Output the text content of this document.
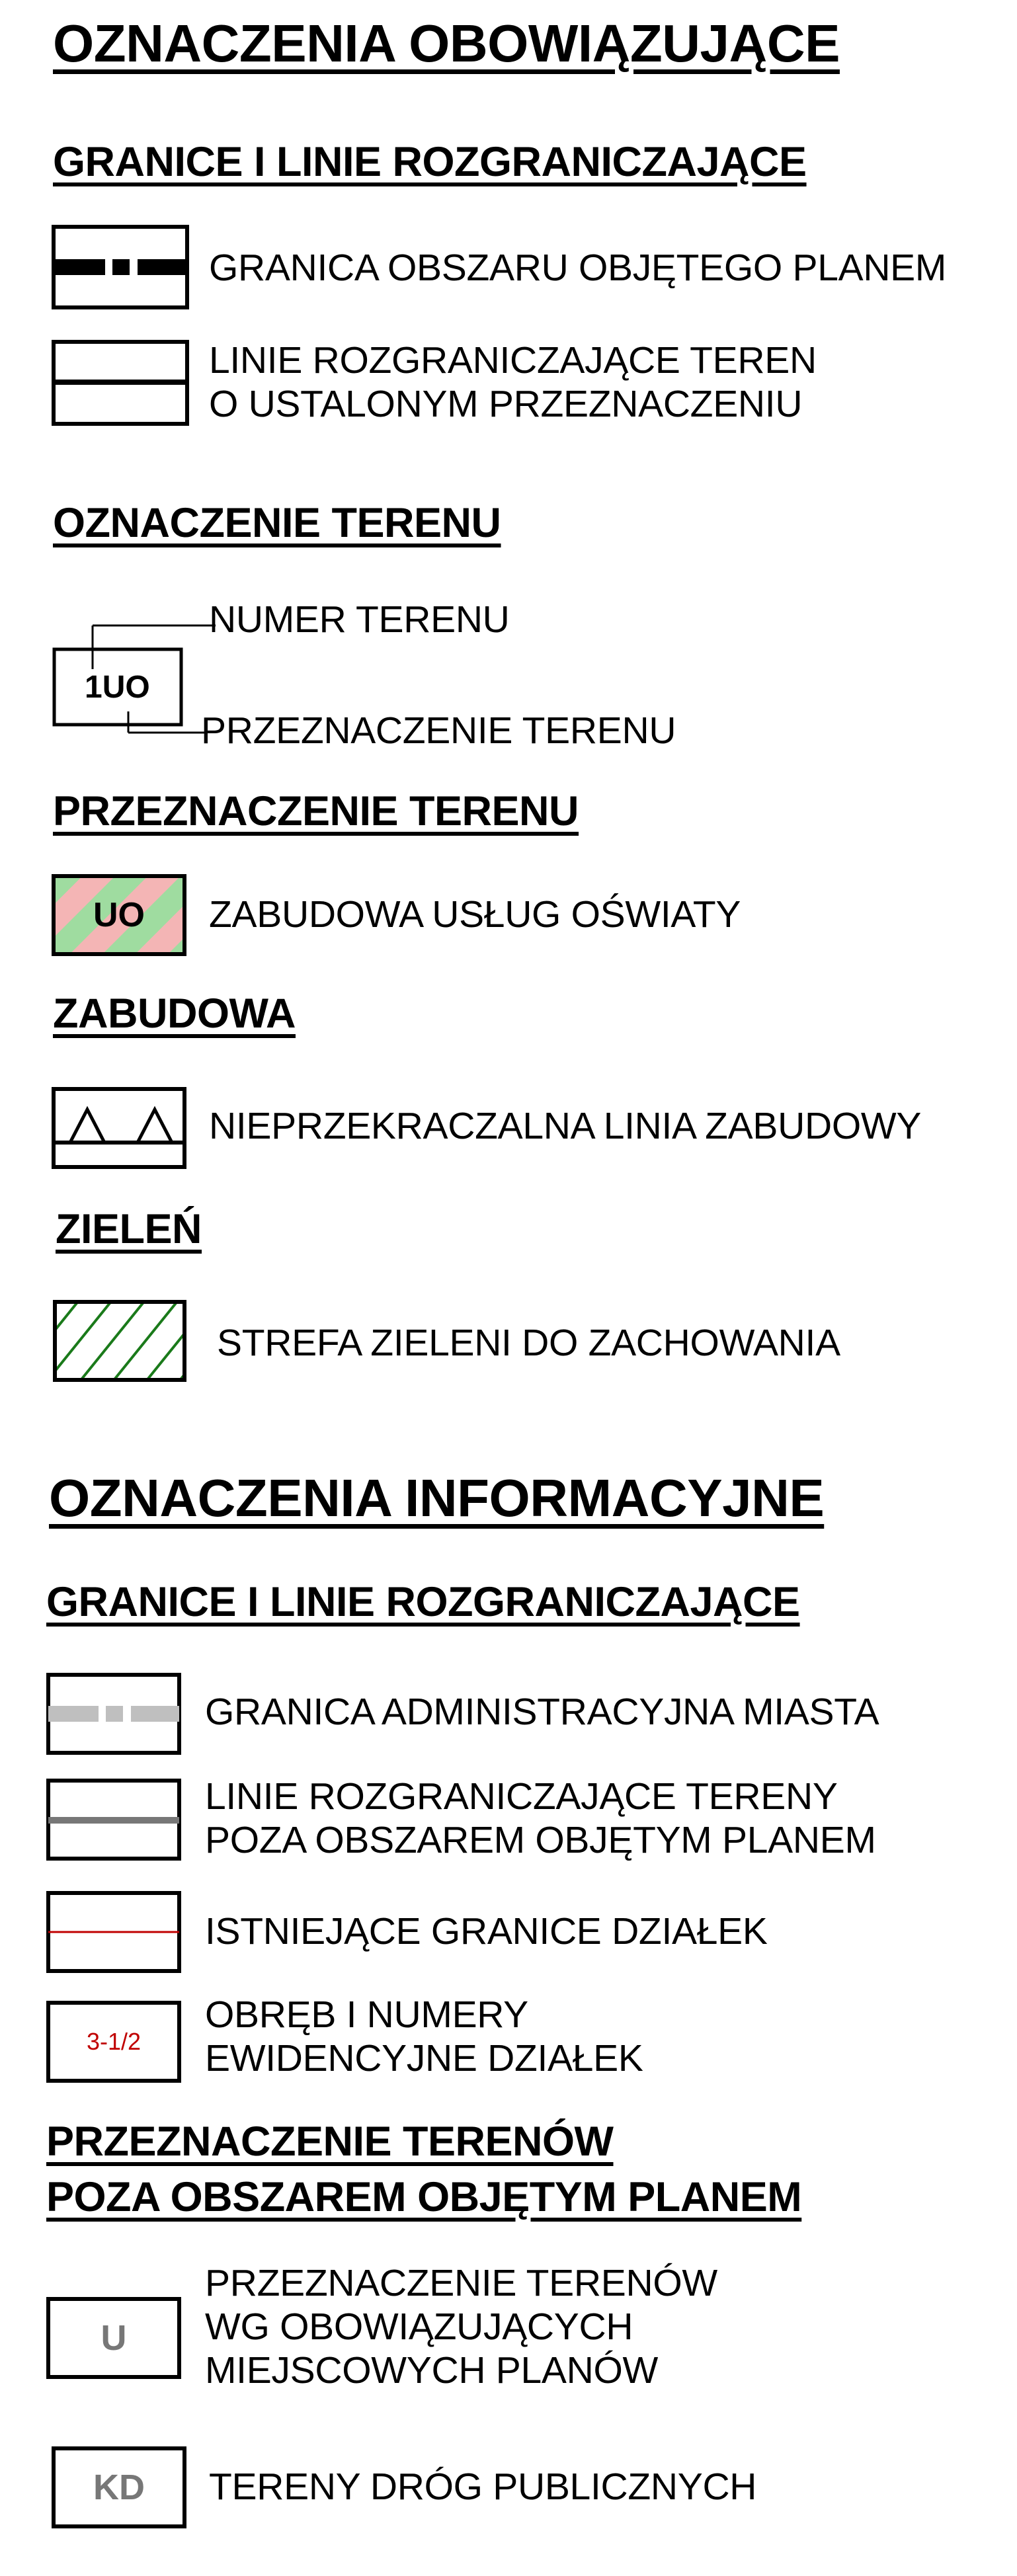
OZNACZENIA OBOWIĄZUJĄCE
GRANICE I LINIE ROZGRANICZAJĄCE
GRANICA OBSZARU OBJĘTEGO PLANEM
LINIE ROZGRANICZAJĄCE TEREN
O USTALONYM PRZEZNACZENIU
OZNACZENIE TERENU
1UO
NUMER TERENU
PRZEZNACZENIE TERENU
PRZEZNACZENIE TERENU
UO	ZABUDOWA USŁUG OŚWIATY
ZABUDOWA
NIEPRZEKRACZALNA LINIA ZABUDOWY
ZIELEŃ
STREFA ZIELENI DO ZACHOWANIA
OZNACZENIA INFORMACYJNE
GRANICE I LINIE ROZGRANICZAJĄCE
GRANICA ADMINISTRACYJNA MIASTA
LINIE ROZGRANICZAJĄCE TERENY
POZA OBSZAREM OBJĘTYM PLANEM
ISTNIEJĄCE GRANICE DZIAŁEK
3-1/2
OBRĘB I NUMERY
EWIDENCYJNE DZIAŁEK
PRZEZNACZENIE TERENÓW
POZA OBSZAREM OBJĘTYM PLANEM
U
PRZEZNACZENIE TERENÓW
WG OBOWIĄZUJĄCYCH
MIEJSCOWYCH PLANÓW
KD	TERENY DRÓG PUBLICZNYCH
